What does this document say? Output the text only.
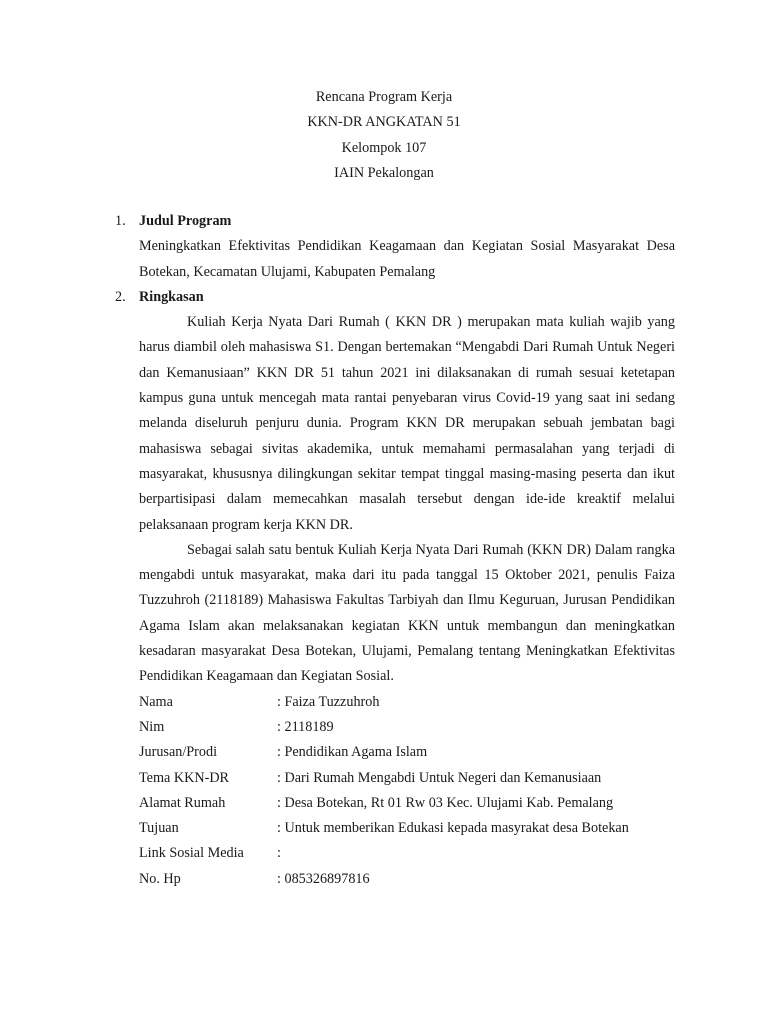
Rencana Program Kerja
KKN-DR ANGKATAN 51
Kelompok 107
IAIN Pekalongan
1. Judul Program

Meningkatkan Efektivitas Pendidikan Keagamaan dan Kegiatan Sosial Masyarakat Desa Botekan, Kecamatan Ulujami, Kabupaten Pemalang

2. Ringkasan

Kuliah Kerja Nyata Dari Rumah ( KKN DR ) merupakan mata kuliah wajib yang harus diambil oleh mahasiswa S1. Dengan bertemakan “Mengabdi Dari Rumah Untuk Negeri dan Kemanusiaan” KKN DR 51 tahun 2021 ini dilaksanakan di rumah sesuai ketetapan kampus guna untuk mencegah mata rantai penyebaran virus Covid-19 yang saat ini sedang melanda diseluruh penjuru dunia. Program KKN DR merupakan sebuah jembatan bagi mahasiswa sebagai sivitas akademika, untuk memahami permasalahan yang terjadi di masyarakat, khususnya dilingkungan sekitar tempat tinggal masing-masing peserta dan ikut berpartisipasi dalam memecahkan masalah tersebut dengan ide-ide kreaktif melalui pelaksanaan program kerja KKN DR.

Sebagai salah satu bentuk Kuliah Kerja Nyata Dari Rumah (KKN DR) Dalam rangka mengabdi untuk masyarakat, maka dari itu pada tanggal 15 Oktober 2021, penulis Faiza Tuzzuhroh (2118189) Mahasiswa Fakultas Tarbiyah dan Ilmu Keguruan, Jurusan Pendidikan Agama Islam akan melaksanakan kegiatan KKN untuk membangun dan meningkatkan kesadaran masyarakat Desa Botekan, Ulujami, Pemalang tentang Meningkatkan Efektivitas Pendidikan Keagamaan dan Kegiatan Sosial.

Nama	: Faiza Tuzzuhroh
Nim	: 2118189
Jurusan/Prodi	: Pendidikan Agama Islam
Tema KKN-DR	: Dari Rumah Mengabdi Untuk Negeri dan Kemanusiaan
Alamat Rumah	: Desa Botekan, Rt 01 Rw 03 Kec. Ulujami Kab. Pemalang
Tujuan	: Untuk memberikan Edukasi kepada masyrakat desa Botekan
Link Sosial Media :
No. Hp	: 085326897816
